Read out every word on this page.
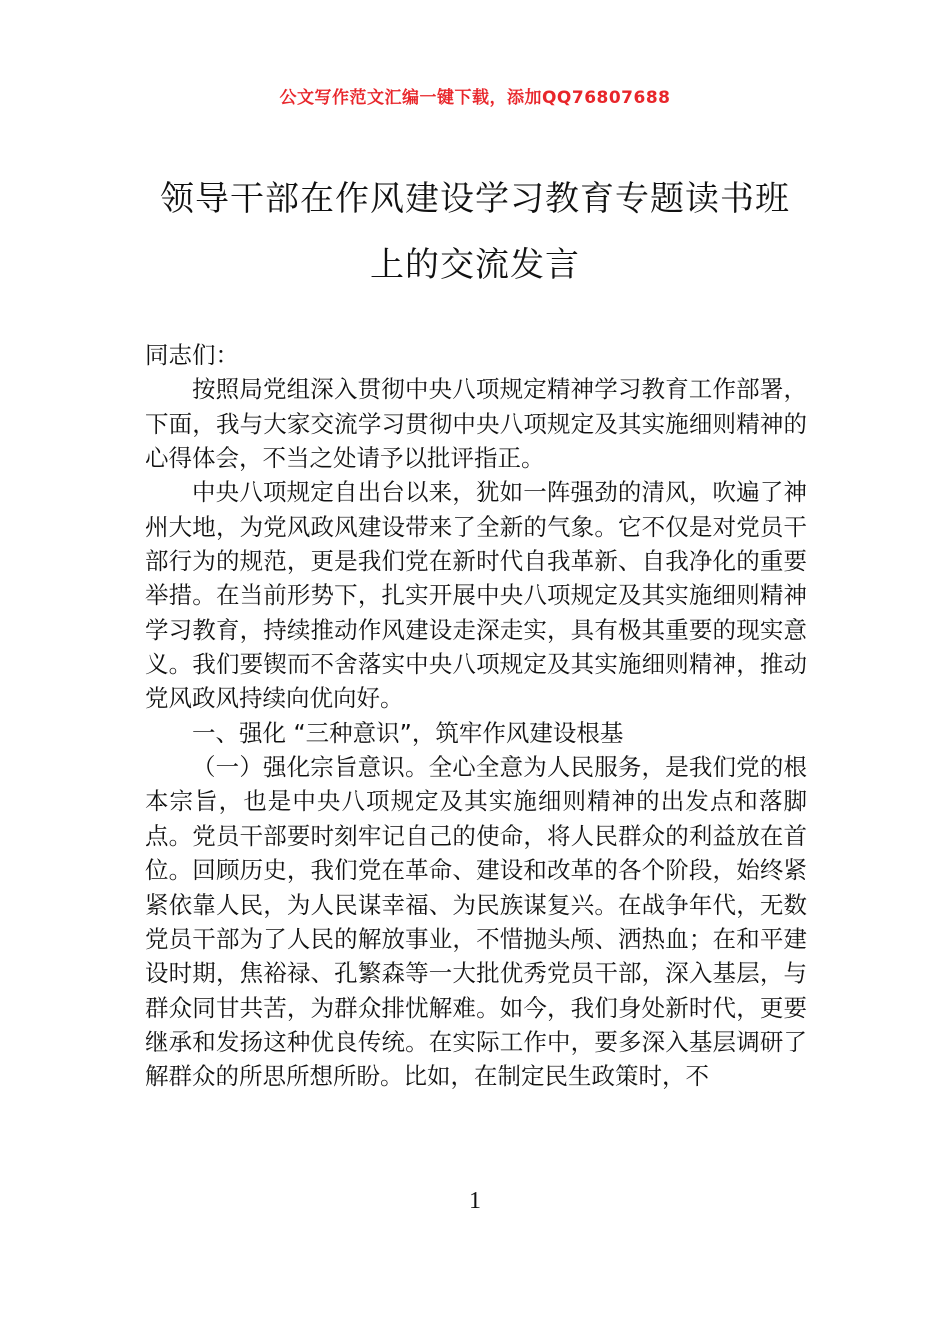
公文写作范文汇编一键下载，添加QQ76807688
领导干部在作风建设学习教育专题读书班
上的交流发言

同志们：

按照局党组深入贯彻中央八项规定精神学习教育工作部署，下面，我与大家交流学习贯彻中央八项规定及其实施细则精神的心得体会，不当之处请予以批评指正。

中央八项规定自出台以来，犹如一阵强劲的清风，吹遍了神州大地，为党风政风建设带来了全新的气象。它不仅是对党员干部行为的规范，更是我们党在新时代自我革新、自我净化的重要举措。在当前形势下，扎实开展中央八项规定及其实施细则精神学习教育，持续推动作风建设走深走实，具有极其重要的现实意义。我们要锲而不舍落实中央八项规定及其实施细则精神，推动党风政风持续向优向好。

一、强化 “三种意识”，筑牢作风建设根基

（一）强化宗旨意识。全心全意为人民服务，是我们党的根本宗旨，也是中央八项规定及其实施细则精神的出发点和落脚点。党员干部要时刻牢记自己的使命，将人民群众的利益放在首位。回顾历史，我们党在革命、建设和改革的各个阶段，始终紧紧依靠人民，为人民谋幸福、为民族谋复兴。在战争年代，无数党员干部为了人民的解放事业，不惜抛头颅、洒热血；在和平建设时期，焦裕禄、孔繁森等一大批优秀党员干部，深入基层，与群众同甘共苦，为群众排忧解难。如今，我们身处新时代，更要继承和发扬这种优良传统。在实际工作中，要多深入基层调研了解群众的所思所想所盼。比如，在制定民生政策时，不

1
